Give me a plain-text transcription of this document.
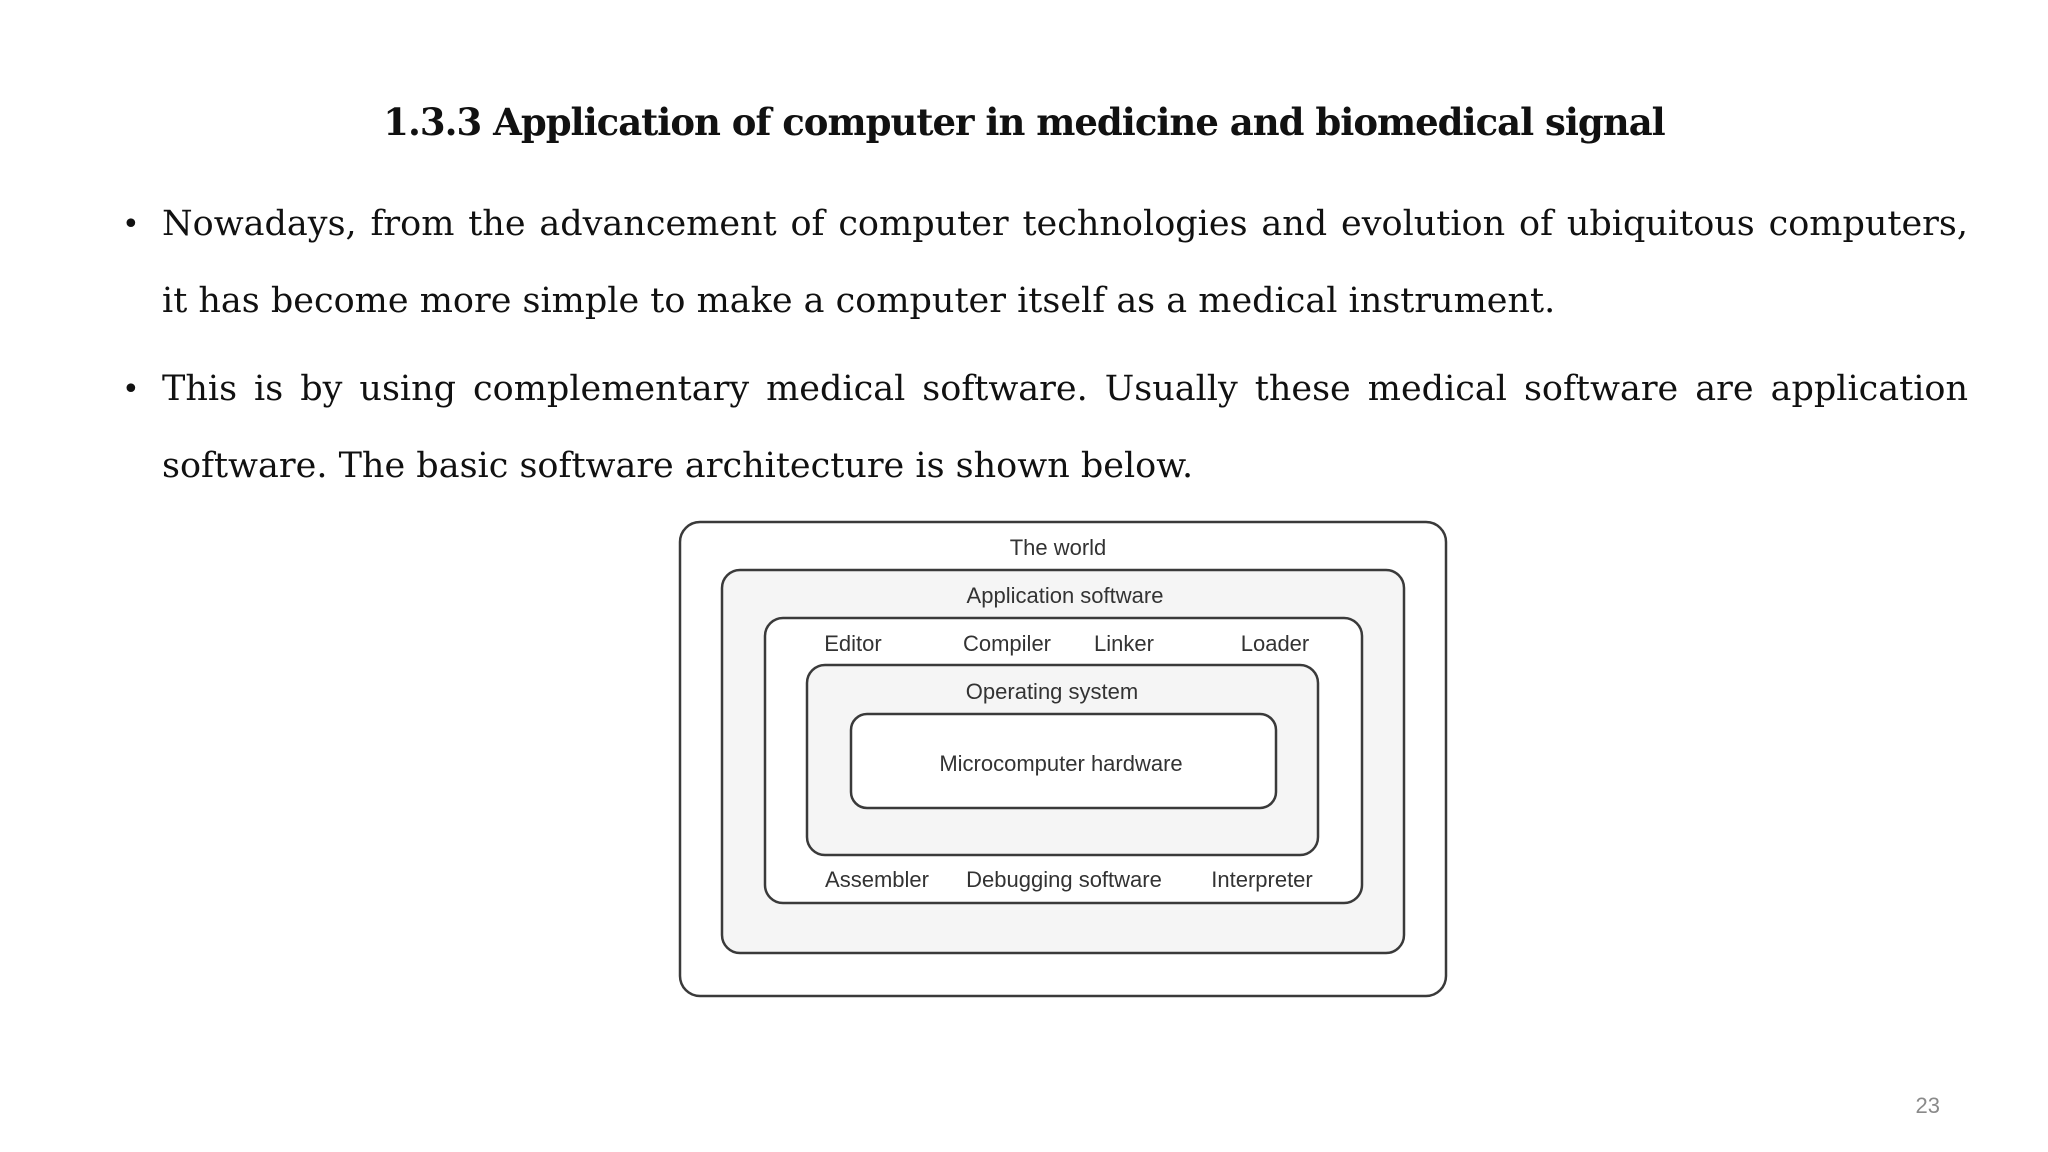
1.3.3 Application of computer in medicine and biomedical signal
• Nowadays, from the advancement of computer technologies and evolution of ubiquitous computers, it has become more simple to make a computer itself as a medical instrument.
• This is by using complementary medical software. Usually these medical software are application software. The basic software architecture is shown below.
The world
Application software
Editor	Compiler Linker	Loader
Operating system
Microcomputer hardware
Assembler Debugging software Interpreter
23
